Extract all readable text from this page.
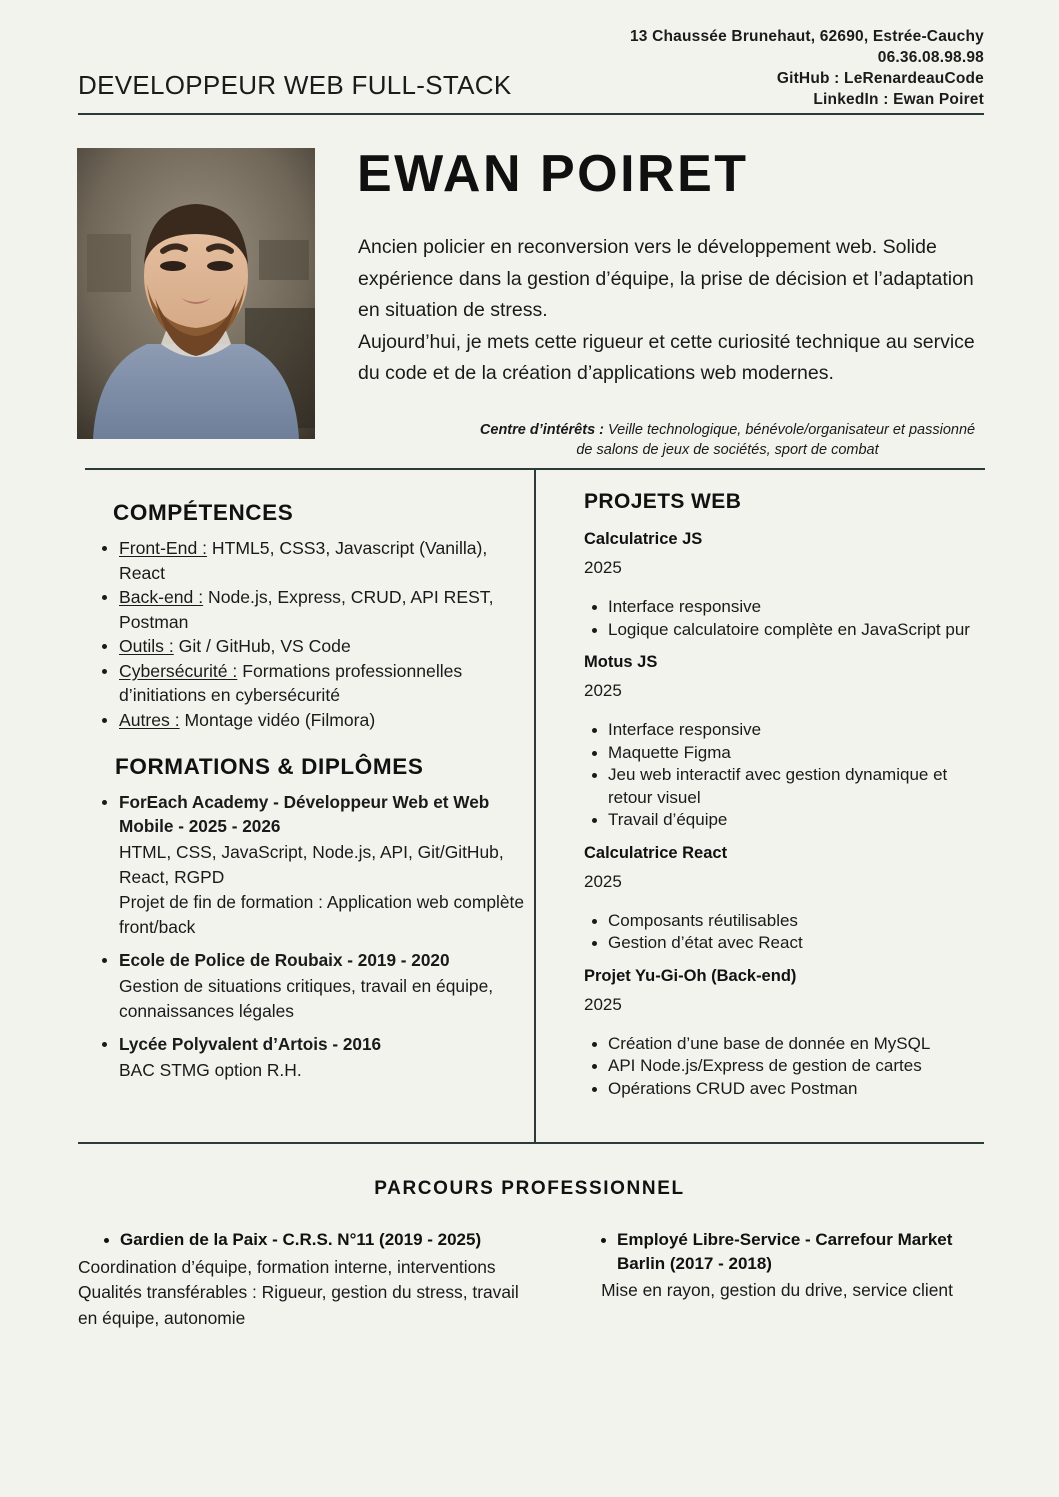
DEVELOPPEUR WEB FULL-STACK
13 Chaussée Brunehaut, 62690, Estrée-Cauchy
06.36.08.98.98
GitHub : LeRenardeauCode
LinkedIn : Ewan Poiret
EWAN POIRET
Ancien policier en reconversion vers le développement web. Solide expérience dans la gestion d’équipe, la prise de décision et l’adaptation en situation de stress.
Aujourd’hui, je mets cette rigueur et cette curiosité technique au service du code et de la création d’applications web modernes.
Centre d’intérêts : Veille technologique, bénévole/organisateur et passionné de salons de jeux de sociétés, sport de combat
COMPÉTENCES
Front-End : HTML5, CSS3, Javascript (Vanilla), React
Back-end : Node.js, Express, CRUD, API REST, Postman
Outils : Git / GitHub, VS Code
Cybersécurité : Formations professionnelles d’initiations en cybersécurité
Autres : Montage vidéo (Filmora)
FORMATIONS & DIPLÔMES
ForEach Academy - Développeur Web et Web Mobile - 2025 - 2026
HTML, CSS, JavaScript, Node.js, API, Git/GitHub, React, RGPD
Projet de fin de formation : Application web complète front/back
Ecole de Police de Roubaix - 2019 - 2020
Gestion de situations critiques, travail en équipe, connaissances légales
Lycée Polyvalent d’Artois - 2016
BAC STMG option R.H.
PROJETS WEB
Calculatrice JS
2025
Interface responsive
Logique calculatoire complète en JavaScript pur
Motus JS
2025
Interface responsive
Maquette Figma
Jeu web interactif avec gestion dynamique et retour visuel
Travail d’équipe
Calculatrice React
2025
Composants réutilisables
Gestion d’état avec React
Projet Yu-Gi-Oh (Back-end)
2025
Création d’une base de donnée en MySQL
API Node.js/Express de gestion de cartes
Opérations CRUD avec Postman
PARCOURS PROFESSIONNEL
Gardien de la Paix - C.R.S. N°11 (2019 - 2025)
Coordination d’équipe, formation interne, interventions
Qualités transférables : Rigueur, gestion du stress, travail en équipe, autonomie
Employé Libre-Service - Carrefour Market Barlin (2017 - 2018)
Mise en rayon, gestion du drive, service client
